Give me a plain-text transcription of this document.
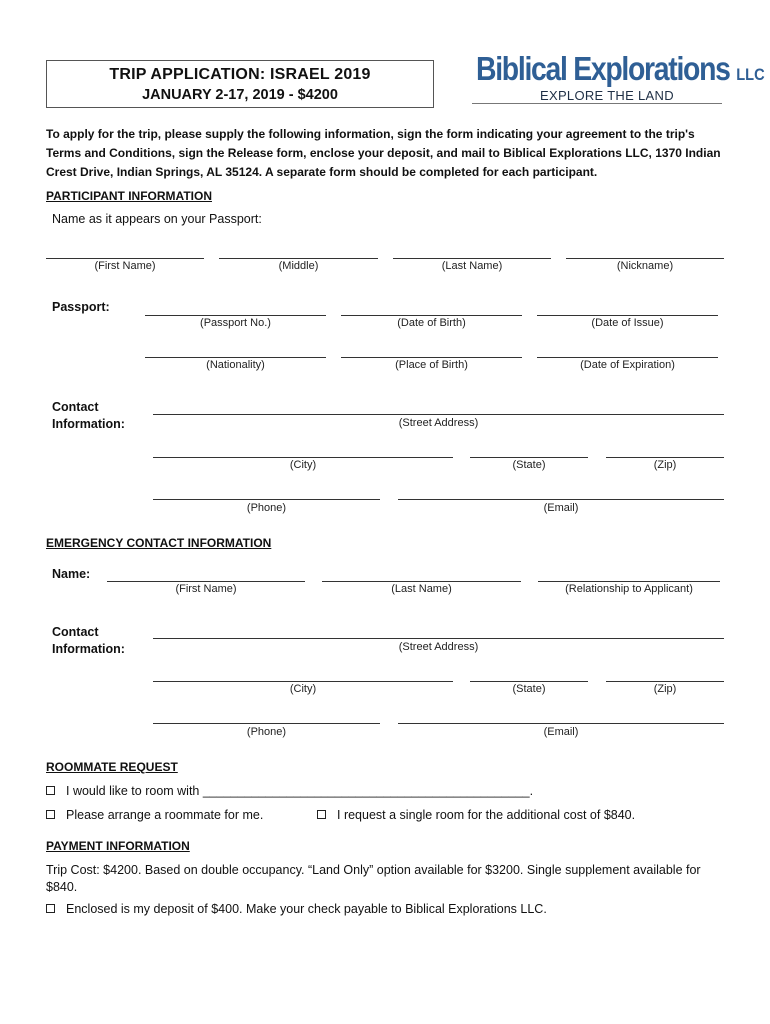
TRIP APPLICATION: ISRAEL 2019
JANUARY 2-17, 2019 - $4200
Biblical Explorations LLC
EXPLORE THE LAND
To apply for the trip, please supply the following information, sign the form indicating your agreement to the trip's Terms and Conditions, sign the Release form, enclose your deposit, and mail to Biblical Explorations LLC, 1370 Indian Crest Drive, Indian Springs, AL 35124. A separate form should be completed for each participant.
PARTICIPANT INFORMATION
Name as it appears on your Passport:
(First Name)	(Middle)	(Last Name)	(Nickname)
Passport:
(Passport No.)	(Date of Birth)	(Date of Issue)
(Nationality)	(Place of Birth)	(Date of Expiration)
Contact
Information:	(Street Address)
(City)	(State)	(Zip)
(Phone)	(Email)
EMERGENCY CONTACT INFORMATION
Name:
(First Name)	(Last Name)	(Relationship to Applicant)
Contact
Information:	(Street Address)
(City)	(State)	(Zip)
(Phone)	(Email)
ROOMMATE REQUEST
I would like to room with _______________________________________________.
Please arrange a roommate for me.	I request a single room for the additional cost of $840.
PAYMENT INFORMATION
Trip Cost: $4200. Based on double occupancy. “Land Only” option available for $3200. Single supplement available for $840.
Enclosed is my deposit of $400. Make your check payable to Biblical Explorations LLC.
